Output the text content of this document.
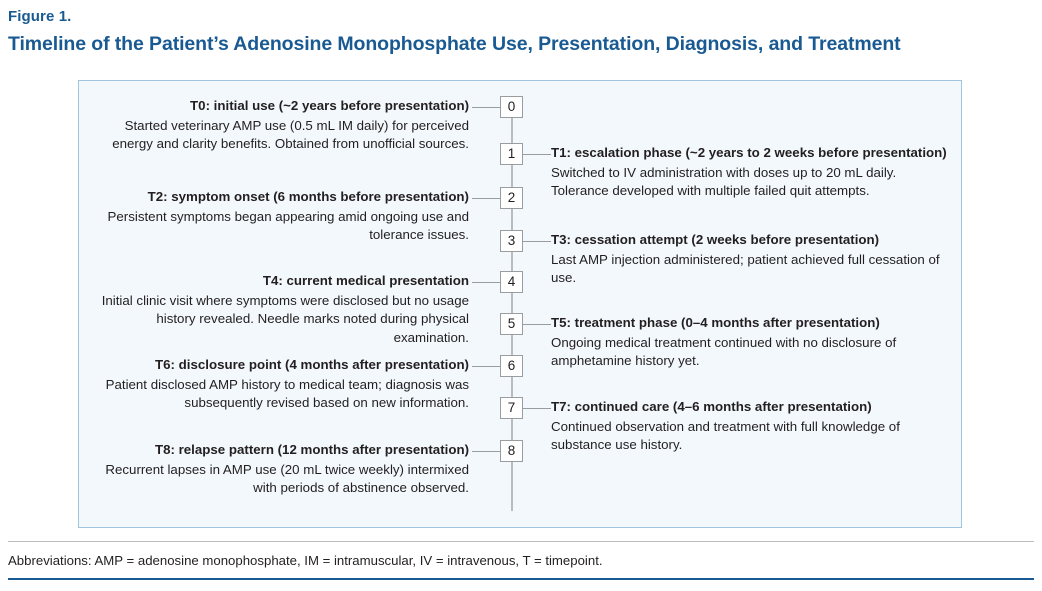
Figure 1.
Timeline of the Patient’s Adenosine Monophosphate Use, Presentation, Diagnosis, and Treatment
0
1
2
3
4
5
6
7
8
T0: initial use (~2 years before presentation)
Started veterinary AMP use (0.5 mL IM daily) for perceived energy and clarity benefits. Obtained from unofficial sources.
T2: symptom onset (6 months before presentation)
Persistent symptoms began appearing amid ongoing use and tolerance issues.
T4: current medical presentation
Initial clinic visit where symptoms were disclosed but no usage history revealed. Needle marks noted during physical examination.
T6: disclosure point (4 months after presentation)
Patient disclosed AMP history to medical team; diagnosis was subsequently revised based on new information.
T8: relapse pattern (12 months after presentation)
Recurrent lapses in AMP use (20 mL twice weekly) intermixed with periods of abstinence observed.
T1: escalation phase (~2 years to 2 weeks before presentation)
Switched to IV administration with doses up to 20 mL daily. Tolerance developed with multiple failed quit attempts.
T3: cessation attempt (2 weeks before presentation)
Last AMP injection administered; patient achieved full cessation of use.
T5: treatment phase (0–4 months after presentation)
Ongoing medical treatment continued with no disclosure of amphetamine history yet.
T7: continued care (4–6 months after presentation)
Continued observation and treatment with full knowledge of substance use history.
Abbreviations: AMP = adenosine monophosphate, IM = intramuscular, IV = intravenous, T = timepoint.
